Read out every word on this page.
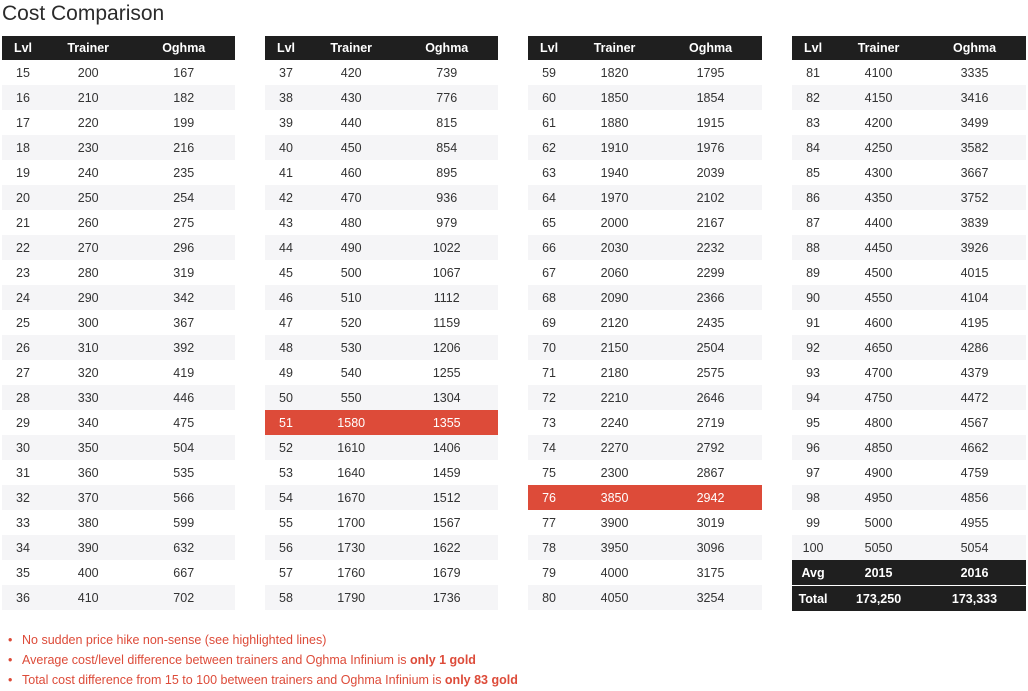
Cost Comparison
Lvl	Trainer	Oghma
15	200	167
16	210	182
17	220	199
18	230	216
19	240	235
20	250	254
21	260	275
22	270	296
23	280	319
24	290	342
25	300	367
26	310	392
27	320	419
28	330	446
29	340	475
30	350	504
31	360	535
32	370	566
33	380	599
34	390	632
35	400	667
36	410	702
Lvl	Trainer	Oghma
37	420	739
38	430	776
39	440	815
40	450	854
41	460	895
42	470	936
43	480	979
44	490	1022
45	500	1067
46	510	1112
47	520	1159
48	530	1206
49	540	1255
50	550	1304
51	1580	1355
52	1610	1406
53	1640	1459
54	1670	1512
55	1700	1567
56	1730	1622
57	1760	1679
58	1790	1736
Lvl	Trainer	Oghma
59	1820	1795
60	1850	1854
61	1880	1915
62	1910	1976
63	1940	2039
64	1970	2102
65	2000	2167
66	2030	2232
67	2060	2299
68	2090	2366
69	2120	2435
70	2150	2504
71	2180	2575
72	2210	2646
73	2240	2719
74	2270	2792
75	2300	2867
76	3850	2942
77	3900	3019
78	3950	3096
79	4000	3175
80	4050	3254
Lvl	Trainer	Oghma
81	4100	3335
82	4150	3416
83	4200	3499
84	4250	3582
85	4300	3667
86	4350	3752
87	4400	3839
88	4450	3926
89	4500	4015
90	4550	4104
91	4600	4195
92	4650	4286
93	4700	4379
94	4750	4472
95	4800	4567
96	4850	4662
97	4900	4759
98	4950	4856
99	5000	4955
100	5050	5054
Avg	2015	2016

Total	173,250	173,333
• No sudden price hike non-sense (see highlighted lines)
• Average cost/level difference between trainers and Oghma Infinium is only 1 gold
• Total cost difference from 15 to 100 between trainers and Oghma Infinium is only 83 gold
